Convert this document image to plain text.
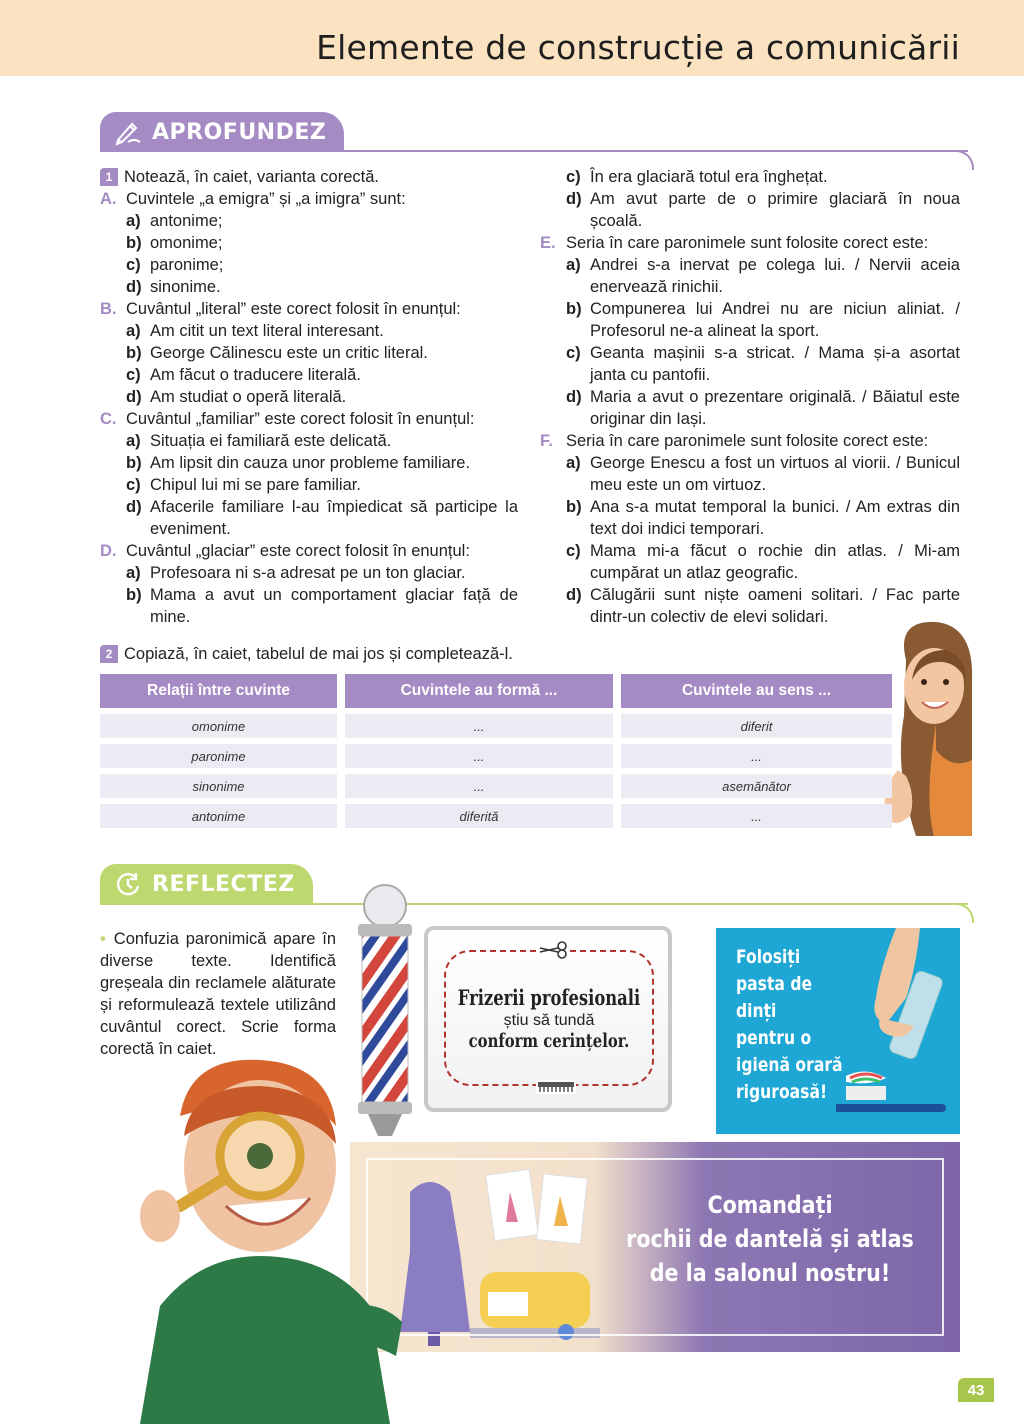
Elemente de construcție a comunicării
APROFUNDEZ
1 Notează, în caiet, varianta corectă.
A. Cuvintele „a emigra” și „a imigra” sunt:
a) antonime;
b) omonime;
c) paronime;
d) sinonime.
B. Cuvântul „literal” este corect folosit în enunțul:
a) Am citit un text literal interesant.
b) George Călinescu este un critic literal.
c) Am făcut o traducere literală.
d) Am studiat o operă literală.
C. Cuvântul „familiar” este corect folosit în enunțul:
a) Situația ei familiară este delicată.
b) Am lipsit din cauza unor probleme familiare.
c) Chipul lui mi se pare familiar.
d) Afacerile familiare l-au împiedicat să participe la eveniment.
D. Cuvântul „glaciar” este corect folosit în enunțul:
a) Profesoara ni s-a adresat pe un ton glaciar.
b) Mama a avut un comportament glaciar față de mine.
c) În era glaciară totul era înghețat.
d) Am avut parte de o primire glaciară în noua școală.
E. Seria în care paronimele sunt folosite corect este:
a) Andrei s-a inervat pe colega lui. / Nervii aceia enervează rinichii.
b) Compunerea lui Andrei nu are niciun aliniat. / Profesorul ne-a alineat la sport.
c) Geanta mașinii s-a stricat. / Mama și-a asortat janta cu pantofii.
d) Maria a avut o prezentare originală. / Băiatul este originar din Iași.
F. Seria în care paronimele sunt folosite corect este:
a) George Enescu a fost un virtuos al viorii. / Bunicul meu este un om virtuoz.
b) Ana s-a mutat temporal la bunici. / Am extras din text doi indici temporari.
c) Mama mi-a făcut o rochie din atlas. / Mi-am cumpărat un atlaz geografic.
d) Călugării sunt niște oameni solitari. / Fac parte dintr-un colectiv de elevi solidari.
2 Copiază, în caiet, tabelul de mai jos și completează-l.
Relații între cuvinte	Cuvintele au formă ...	Cuvintele au sens ...
omonime	...	diferit
paronime	...	...
sinonime	...	asemănător
antonime	diferită	...
REFLECTEZ
• Confuzia paronimică apare în diverse texte. Identifică greșeala din reclamele alăturate și reformulează textele utilizând cuvântul corect. Scrie forma corectă în caiet.
Frizerii profesionali
știu să tundă
conform cerințelor.
Folosiți
pasta de dinți
pentru o
igienă orară
riguroasă!
Comandați
rochii de dantelă și atlas
de la salonul nostru!
43
